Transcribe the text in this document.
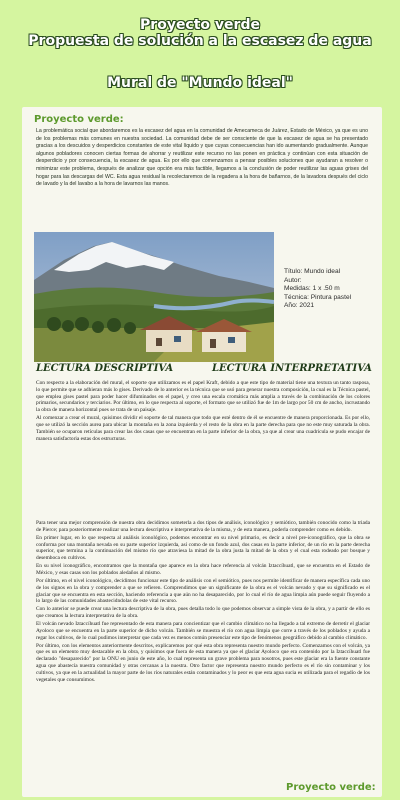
Proyecto verde
Propuesta de solución a la escasez de agua
Mural de "Mundo ideal"
Proyecto verde:
La problemática social que abordaremos es la escasez del agua en la comunidad de Amecameca de Juárez, Estado de México, ya que es uno de los problemas más comunes en nuestra sociedad. La comunidad debe de ser consciente de que la escasez de agua se ha presentado gracias a los descuidos y desperdicios constantes de este vital líquido y que cuyas consecuencias han ido aumentando gradualmente. Aunque algunos pobladores conocen ciertas formas de ahorrar y reutilizar este recurso no las ponen en práctica y continúan con esta situación de desperdicio y por consecuencia, la escasez de agua. Es por ello que comenzamos a pensar posibles soluciones que ayudaran a resolver o minimizar este problema, después de analizar que opción era más factible, llegamos a la conclusión de poder reutilizar las aguas grises del hogar para las descargas del WC. Esta agua residual la recolectaremos de la regadera a la hora de bañarnos, de la lavadora después del ciclo de lavado y la del lavabo a la hora de lavarnos las manos.
Título: Mundo ideal
Autor:
Medidas: 1 x .50 m
Técnica: Pintura pastel
Año: 2021
LECTURA DESCRIPTIVA	LECTURA INTERPRETATIVA

Con respecto a la elaboración del mural, el soporte que utilizamos es el papel Kraft, debido a que este tipo de material tiene una textura un tanto rasposa, lo que permite que se adhieran más lo gises. Derivado de lo anterior es la técnica que se usó para generar nuestra composición, la cual es la Técnica pastel, que emplea gises pastel para poder hacer difuminados en el papel, y creo una escala cromática más amplia a través de la combinación de los colores primarios, secundarios y terciarios. Por último, en lo que respecta al soporte, el formato que se utilizó fue de 1m de largo por 50 cm de ancho, incrustando la obra de manera horizontal pues se trata de un paisaje.

Al comenzar a crear el mural, quisimos dividir el soporte de tal manera que todo que esté dentro de él se encuentre de manera proporcionada. Es por ello, que se utilizó la sección aurea para ubicar la montaña en la zona izquierda y el resto de la obra en la parte derecha para que no este muy saturada la obra. También se ocuparon retículas para crear las dos casas que se encuentran en la parte inferior de la obra, ya que al crear una cuadricula se pudo encajar de manera satisfactoria estas dos estructuras.

Para tener una mejor comprensión de nuestra obra decidimos someterla a dos tipos de análisis, iconológico y semiótico, también conocido como la triada de Pierce; para posteriormente realizar una lectura descriptiva e interpretativa de la misma, y de esta manera, poderla comprender como es debido.

En primer lugar, en lo que respecta al análisis iconológico, podemos encontrar en su nivel primario, es decir a nivel pre-iconográfico, que la obra se conforma por una montaña nevada en su parte superior izquierda, así como de un fondo azul, dos casas en la parte inferior, de un río en la parte derecha superior, que termina a la continuación del mismo río que atraviesa la mitad de la obra justa la mitad de la obra y el cual esta rodeado por bosque y desemboca en cultivos.

En su nivel iconográfico, encontramos que la montaña que aparece en la obra hace referencia al volcán Iztaccíhuatl, que se encuentra en el Estado de México, y esas casas son los poblados aledaños al mismo.

Por último, en el nivel iconológico, decidimos funcionar este tipo de análisis con el semiótico, pues nos permite identificar de manera específica cada uno de los signos en la obra y comprender a que se refieren. Comprendimos que un significante de la obra es el volcán nevado y que su significado es el glaciar que se encuentra en esta sección, haciendo referencia a que aún no ha desaparecido, por lo cual el río de agua limpia aún puede seguir fluyendo a lo largo de las comunidades abastecidndolas de este vital recurso.

Con lo anterior se puede crear una lectura descriptiva de la obra, pues detalla todo lo que podemos observar a simple vista de la obra, y a partir de ello es que creamos la lectura interpretativa de la obra.

El volcán nevado Iztaccíhuatl fue representado de esta manera para concientizar que el cambio climático no ha llegado a tal extremo de derretir el glaciar Ayoloco que se encuentra en la parte superior de dicho volcán. También se muestra el río con agua limpia que corre a través de los poblados y ayuda a regar los cultivos, de lo cual pudimos interpretar que cada vez es menos común presenciar este tipo de fenómenos geográfico debido al cambio climático.

Por último, con los elementos anteriormente descritos, explicaremos por qué esta obra representa nuestro mundo perfecto. Comenzamos con el volcán, ya que es un elemento muy destacable en la obra, y quisimos que fuera de esta manera ya que el glaciar Ayoloco que era contenido por la Iztaccíhuatl fue declarado "desaparecido" por la ONU en junio de este año, lo cual representa un grave problema para nosotros, pues este glaciar era la fuente constante agua que abastecía nuestra comunidad y otras cercanas a la nuestra. Otro factor que representa nuestro mundo perfecto es el río sin contaminar y los cultivos, ya que en la actualidad la mayor parte de los ríos naturales están contaminados y lo peor es que esta agua sucia es utilizada para el regadío de los vegetales que consumimos.

Proyecto verde:
